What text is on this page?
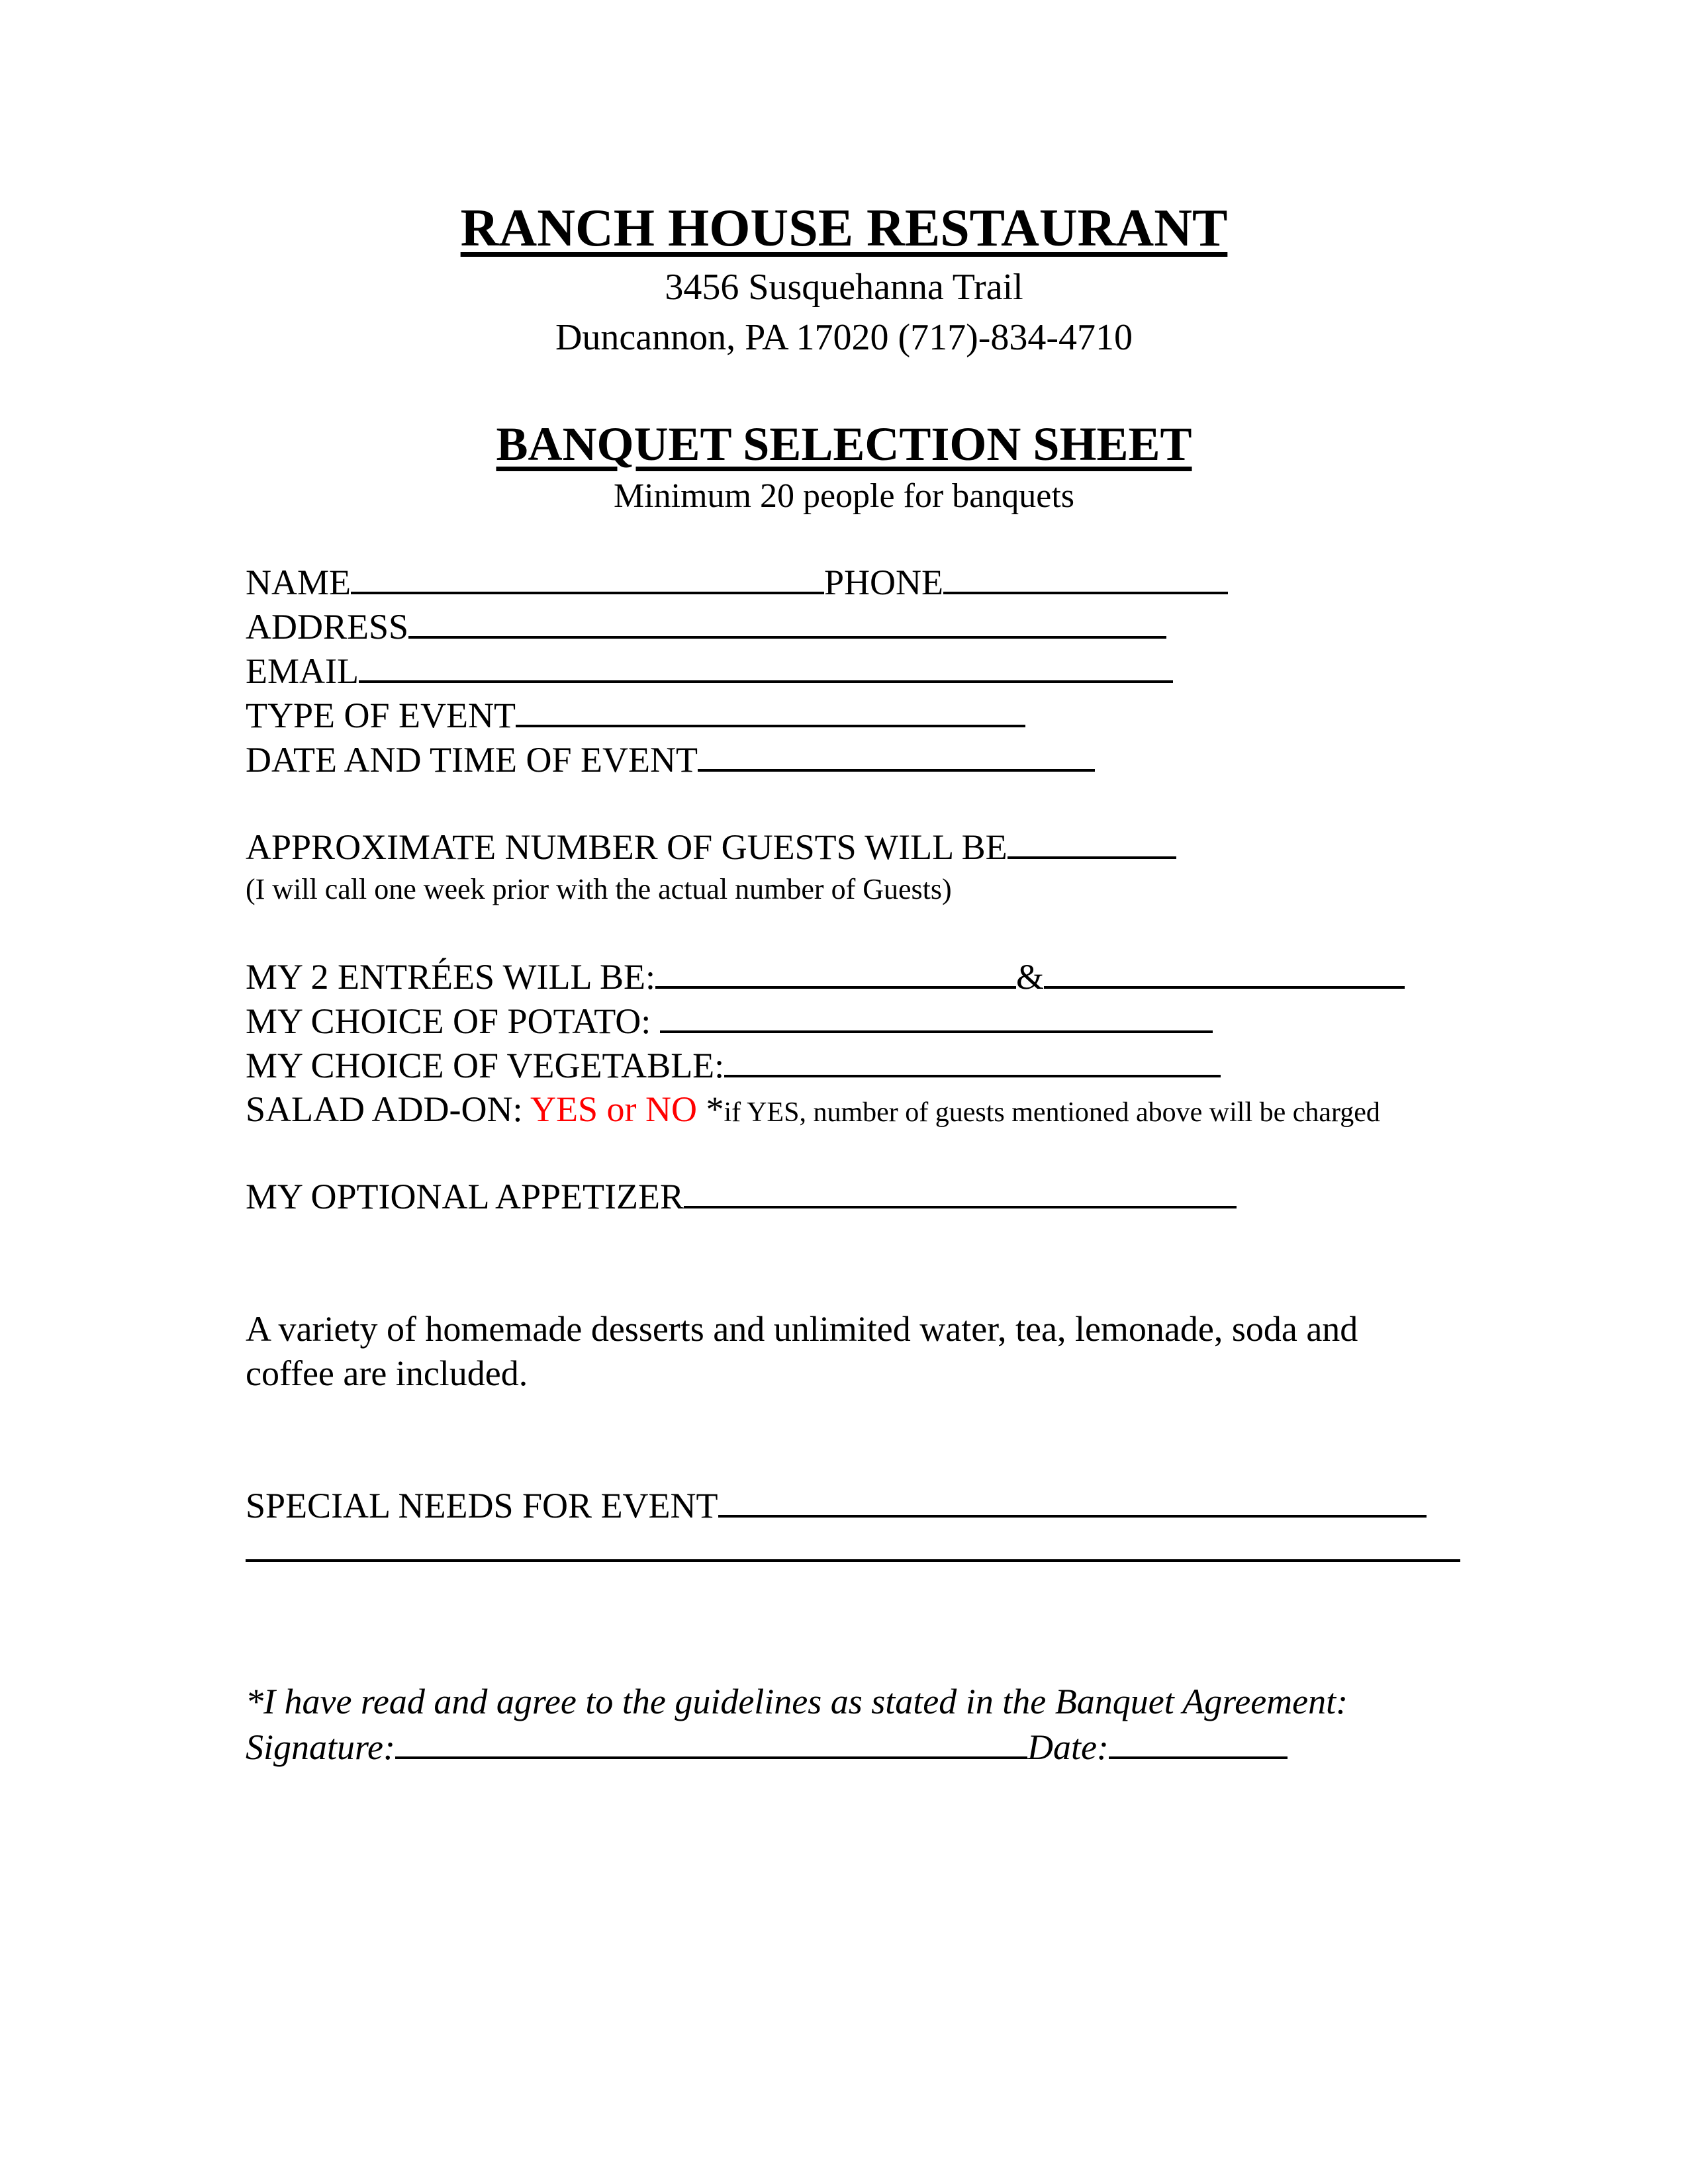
RANCH HOUSE RESTAURANT
3456 Susquehanna Trail
Duncannon, PA 17020 (717)-834-4710
BANQUET SELECTION SHEET
Minimum 20 people for banquets
NAME	PHONE
ADDRESS
EMAIL
TYPE OF EVENT
DATE AND TIME OF EVENT
APPROXIMATE NUMBER OF GUESTS WILL BE
(I will call one week prior with the actual number of Guests)
MY 2 ENTRÉES WILL BE:	&
MY CHOICE OF POTATO:
MY CHOICE OF VEGETABLE:
SALAD ADD-ON: YES or NO *if YES, number of guests mentioned above will be charged
MY OPTIONAL APPETIZER
A variety of homemade desserts and unlimited water, tea, lemonade, soda and
coffee are included.
SPECIAL NEEDS FOR EVENT
*I have read and agree to the guidelines as stated in the Banquet Agreement:
Signature:	Date:
